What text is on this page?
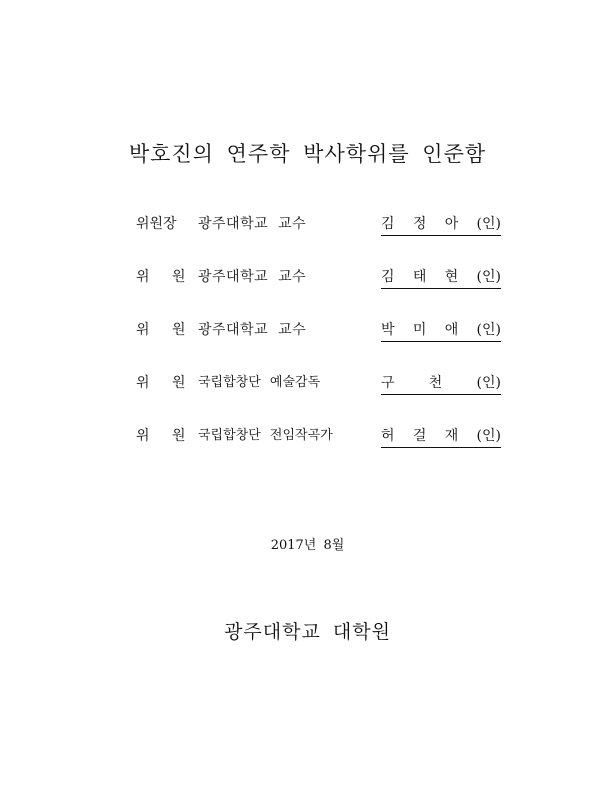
박호진의 연주학 박사학위를 인준함
위원장 광주대학교 교수	김 정 아 (인)
위 원 광주대학교 교수	김 태 현 (인)
위 원 광주대학교 교수	박 미 애 (인)
위 원 국립합창단 예술감독	구 천 (인)
위 원 국립합창단 전임작곡가	허 걸 재 (인)
2017년 8월
광주대학교 대학원
